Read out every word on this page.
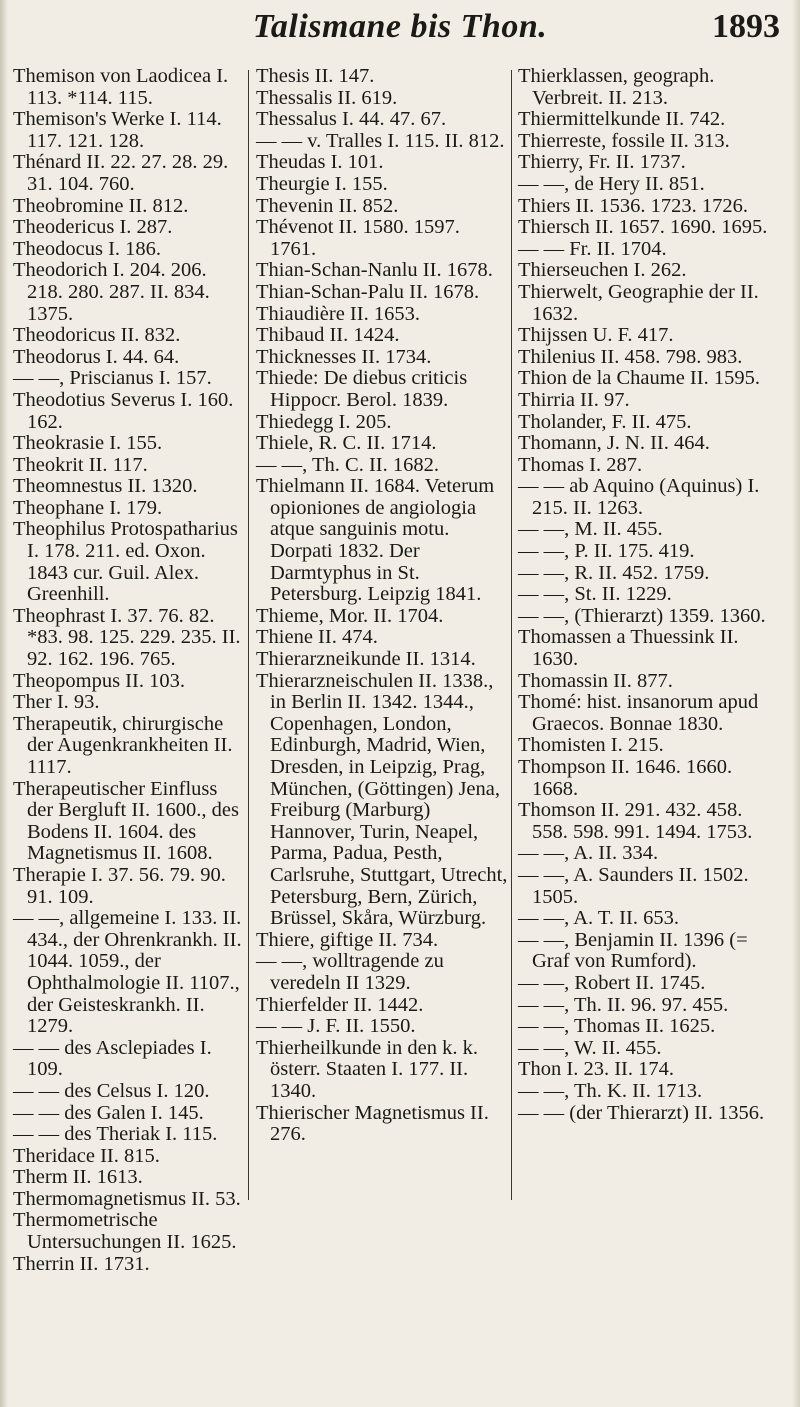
Talismane bis Thon.	1893

Themison von Laodicea I. 113. *114. 115.

Themison's Werke I. 114. 117. 121. 128.

Thénard II. 22. 27. 28. 29. 31. 104. 760.

Theobromine II. 812.

Theodericus I. 287.

Theodocus I. 186.

Theodorich I. 204. 206. 218. 280. 287. II. 834. 1375.

Theodoricus II. 832.

Theodorus I. 44. 64.

— —, Priscianus I. 157.

Theodotius Severus I. 160. 162.

Theokrasie I. 155.

Theokrit II. 117.

Theomnestus II. 1320.

Theophane I. 179.

Theophilus Protospatharius I. 178. 211. ed. Oxon. 1843 cur. Guil. Alex. Greenhill.

Theophrast I. 37. 76. 82. *83. 98. 125. 229. 235. II. 92. 162. 196. 765.

Theopompus II. 103.

Ther I. 93.

Therapeutik, chirurgische der Augenkrankheiten II. 1117.

Therapeutischer Einfluss der Bergluft II. 1600., des Bodens II. 1604. des Magnetismus II. 1608.

Therapie I. 37. 56. 79. 90. 91. 109.

— —, allgemeine I. 133. II. 434., der Ohrenkrankh. II. 1044. 1059., der Ophthalmologie II. 1107., der Geisteskrankh. II. 1279.

— — des Asclepiades I. 109.

— — des Celsus I. 120.

— — des Galen I. 145.

— — des Theriak I. 115.

Theridace II. 815.

Therm II. 1613.

Thermomagnetismus II. 53.

Thermometrische Untersuchungen II. 1625.

Therrin II. 1731.

Thesis II. 147.

Thessalis II. 619.

Thessalus I. 44. 47. 67.

— — v. Tralles I. 115. II. 812.

Theudas I. 101.

Theurgie I. 155.

Thevenin II. 852.

Thévenot II. 1580. 1597. 1761.

Thian-Schan-Nanlu II. 1678.

Thian-Schan-Palu II. 1678.

Thiaudière II. 1653.

Thibaud II. 1424.

Thicknesses II. 1734.

Thiede: De diebus criticis Hippocr. Berol. 1839.

Thiedegg I. 205.

Thiele, R. C. II. 1714.

— —, Th. C. II. 1682.

Thielmann II. 1684. Veterum opioniones de angiologia atque sanguinis motu. Dorpati 1832. Der Darmtyphus in St. Petersburg. Leipzig 1841.

Thieme, Mor. II. 1704.

Thiene II. 474.

Thierarzneikunde II. 1314.

Thierarzneischulen II. 1338., in Berlin II. 1342. 1344., Copenhagen, London, Edinburgh, Madrid, Wien, Dresden, in Leipzig, Prag, München, (Göttingen) Jena, Freiburg (Marburg) Hannover, Turin, Neapel, Parma, Padua, Pesth, Carlsruhe, Stuttgart, Utrecht, Petersburg, Bern, Zürich, Brüssel, Skåra, Würzburg.

Thiere, giftige II. 734.

— —, wolltragende zu veredeln II 1329.

Thierfelder II. 1442.

— — J. F. II. 1550.

Thierheilkunde in den k. k. österr. Staaten I. 177. II. 1340.

Thierischer Magnetismus II. 276.

Thierklassen, geograph. Verbreit. II. 213.

Thiermittelkunde II. 742.

Thierreste, fossile II. 313.

Thierry, Fr. II. 1737.

— —, de Hery II. 851.

Thiers II. 1536. 1723. 1726.

Thiersch II. 1657. 1690. 1695.

— — Fr. II. 1704.

Thierseuchen I. 262.

Thierwelt, Geographie der II. 1632.

Thijssen U. F. 417.

Thilenius II. 458. 798. 983.

Thion de la Chaume II. 1595.

Thirria II. 97.

Tholander, F. II. 475.

Thomann, J. N. II. 464.

Thomas I. 287.

— — ab Aquino (Aquinus) I. 215. II. 1263.

— —, M. II. 455.

— —, P. II. 175. 419.

— —, R. II. 452. 1759.

— —, St. II. 1229.

— —, (Thierarzt) 1359. 1360.

Thomassen a Thuessink II. 1630.

Thomassin II. 877.

Thomé: hist. insanorum apud Graecos. Bonnae 1830.

Thomisten I. 215.

Thompson II. 1646. 1660. 1668.

Thomson II. 291. 432. 458. 558. 598. 991. 1494. 1753.

— —, A. II. 334.

— —, A. Saunders II. 1502. 1505.

— —, A. T. II. 653.

— —, Benjamin II. 1396 (= Graf von Rumford).

— —, Robert II. 1745.

— —, Th. II. 96. 97. 455.

— —, Thomas II. 1625.

— —, W. II. 455.

Thon I. 23. II. 174.

— —, Th. K. II. 1713.

— — (der Thierarzt) II. 1356.
